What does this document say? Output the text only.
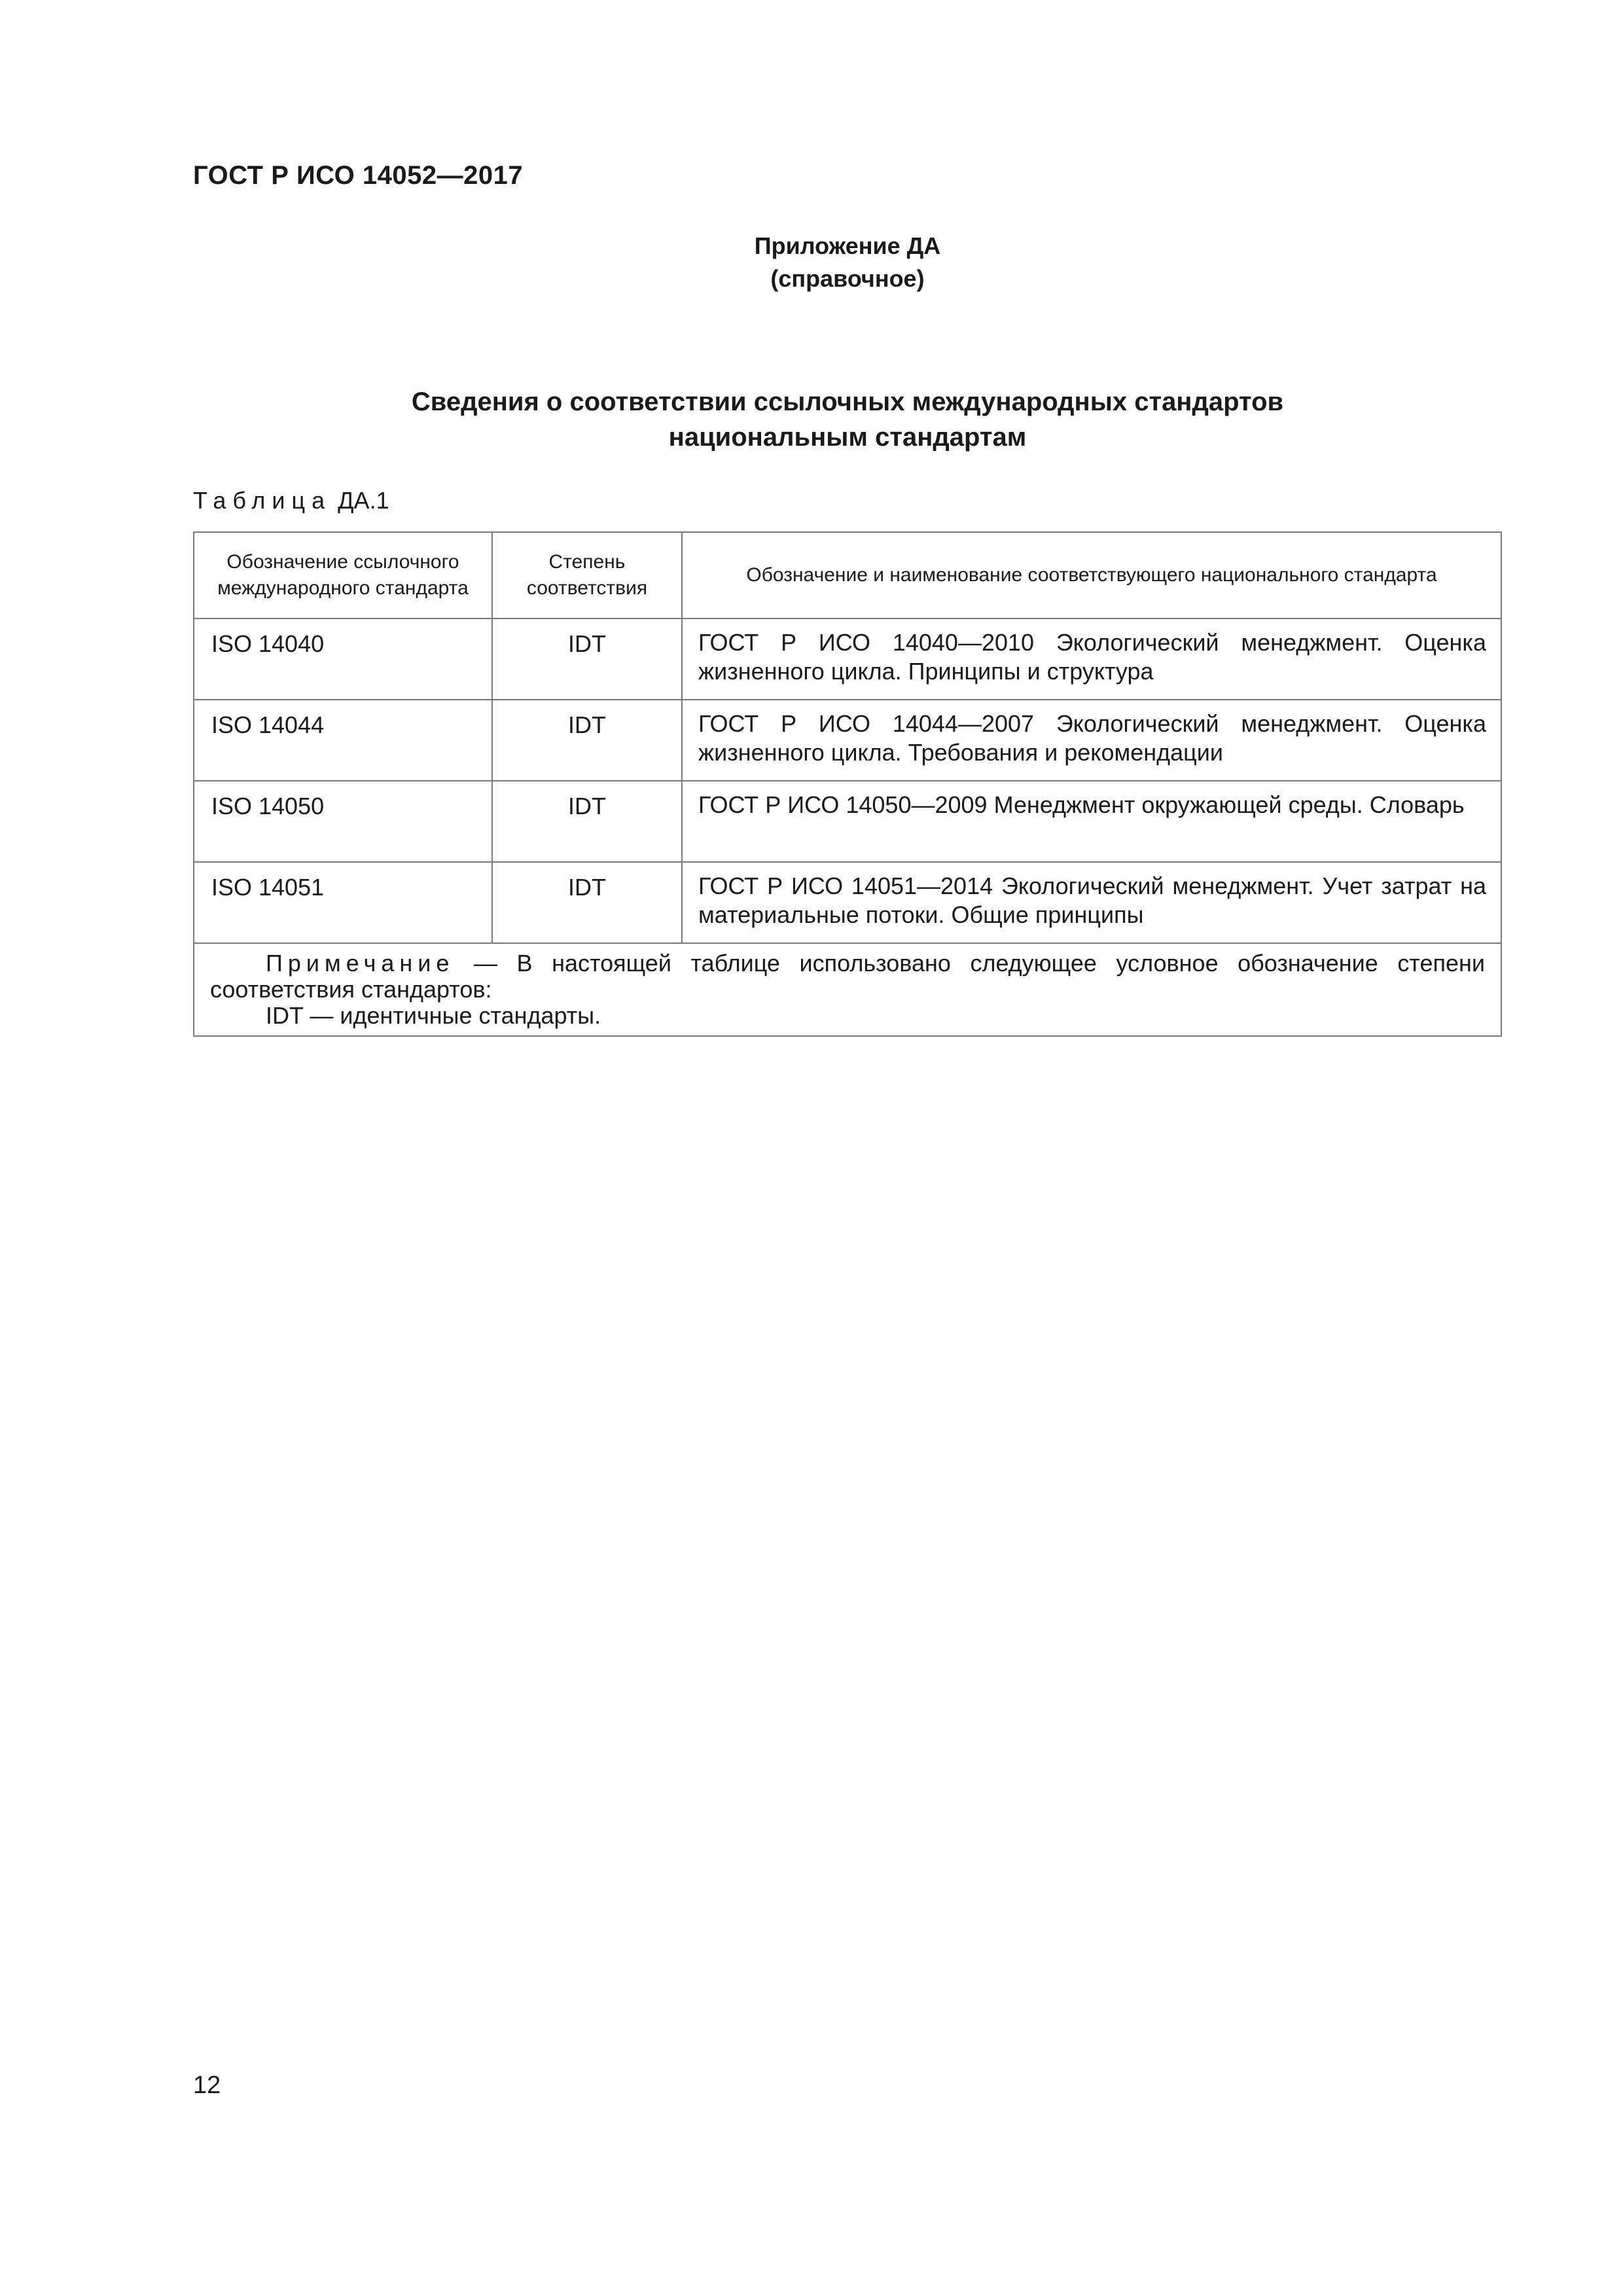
ГОСТ Р ИСО 14052—2017
Приложение ДА
(справочное)
Сведения о соответствии ссылочных международных стандартов
национальным стандартам
Таблица ДА.1
Обозначение ссылочного международного стандарта	Степень соответствия	Обозначение и наименование соответствующего национального стандарта
ISO 14040	IDT	ГОСТ Р ИСО 14040—2010 Экологический менеджмент. Оценка жизненного цикла. Принципы и структура
ISO 14044	IDT	ГОСТ Р ИСО 14044—2007 Экологический менеджмент. Оценка жизненного цикла. Требования и рекомендации
ISO 14050	IDT	ГОСТ Р ИСО 14050—2009 Менеджмент окружающей среды. Словарь
ISO 14051	IDT	ГОСТ Р ИСО 14051—2014 Экологический менеджмент. Учет затрат на материальные потоки. Общие принципы
Примечание — В настоящей таблице использовано следующее условное обозначение степени соответствия стандартов:
IDT — идентичные стандарты.		
12
